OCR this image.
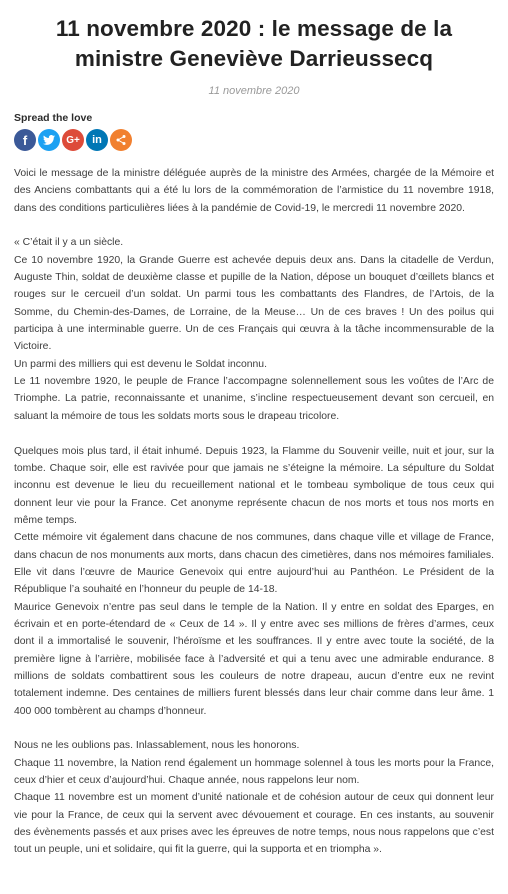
11 novembre 2020 : le message de la ministre Geneviève Darrieussecq
11 novembre 2020
Spread the love
f	G+ in

Voici le message de la ministre déléguée auprès de la ministre des Armées, chargée de la Mémoire et des Anciens combattants qui a été lu lors de la commémoration de l’armistice du 11 novembre 1918, dans des conditions particulières liées à la pandémie de Covid-19, le mercredi 11 novembre 2020.

« C’était il y a un siècle.

Ce 10 novembre 1920, la Grande Guerre est achevée depuis deux ans. Dans la citadelle de Verdun, Auguste Thin, soldat de deuxième classe et pupille de la Nation, dépose un bouquet d’œillets blancs et rouges sur le cercueil d’un soldat. Un parmi tous les combattants des Flandres, de l’Artois, de la Somme, du Chemin-des-Dames, de Lorraine, de la Meuse… Un de ces braves ! Un des poilus qui participa à une interminable guerre. Un de ces Français qui œuvra à la tâche incommensurable de la Victoire.

Un parmi des milliers qui est devenu le Soldat inconnu.

Le 11 novembre 1920, le peuple de France l’accompagne solennellement sous les voûtes de l’Arc de Triomphe. La patrie, reconnaissante et unanime, s’incline respectueusement devant son cercueil, en saluant la mémoire de tous les soldats morts sous le drapeau tricolore.

Quelques mois plus tard, il était inhumé. Depuis 1923, la Flamme du Souvenir veille, nuit et jour, sur la tombe. Chaque soir, elle est ravivée pour que jamais ne s’éteigne la mémoire. La sépulture du Soldat inconnu est devenue le lieu du recueillement national et le tombeau symbolique de tous ceux qui donnent leur vie pour la France. Cet anonyme représente chacun de nos morts et tous nos morts en même temps.

Cette mémoire vit également dans chacune de nos communes, dans chaque ville et village de France, dans chacun de nos monuments aux morts, dans chacun des cimetières, dans nos mémoires familiales. Elle vit dans l’œuvre de Maurice Genevoix qui entre aujourd’hui au Panthéon. Le Président de la République l’a souhaité en l’honneur du peuple de 14-18.

Maurice Genevoix n’entre pas seul dans le temple de la Nation. Il y entre en soldat des Eparges, en écrivain et en porte-étendard de « Ceux de 14 ». Il y entre avec ses millions de frères d’armes, ceux dont il a immortalisé le souvenir, l’héroïsme et les souffrances. Il y entre avec toute la société, de la première ligne à l’arrière, mobilisée face à l’adversité et qui a tenu avec une admirable endurance. 8 millions de soldats combattirent sous les couleurs de notre drapeau, aucun d’entre eux ne revint totalement indemne. Des centaines de milliers furent blessés dans leur chair comme dans leur âme. 1 400 000 tombèrent au champs d’honneur.

Nous ne les oublions pas. Inlassablement, nous les honorons.

Chaque 11 novembre, la Nation rend également un hommage solennel à tous les morts pour la France, ceux d’hier et ceux d’aujourd’hui. Chaque année, nous rappelons leur nom.

Chaque 11 novembre est un moment d’unité nationale et de cohésion autour de ceux qui donnent leur vie pour la France, de ceux qui la servent avec dévouement et courage. En ces instants, au souvenir des évènements passés et aux prises avec les épreuves de notre temps, nous nous rappelons que c’est tout un peuple, uni et solidaire, qui fit la guerre, qui la supporta et en triompha ».
